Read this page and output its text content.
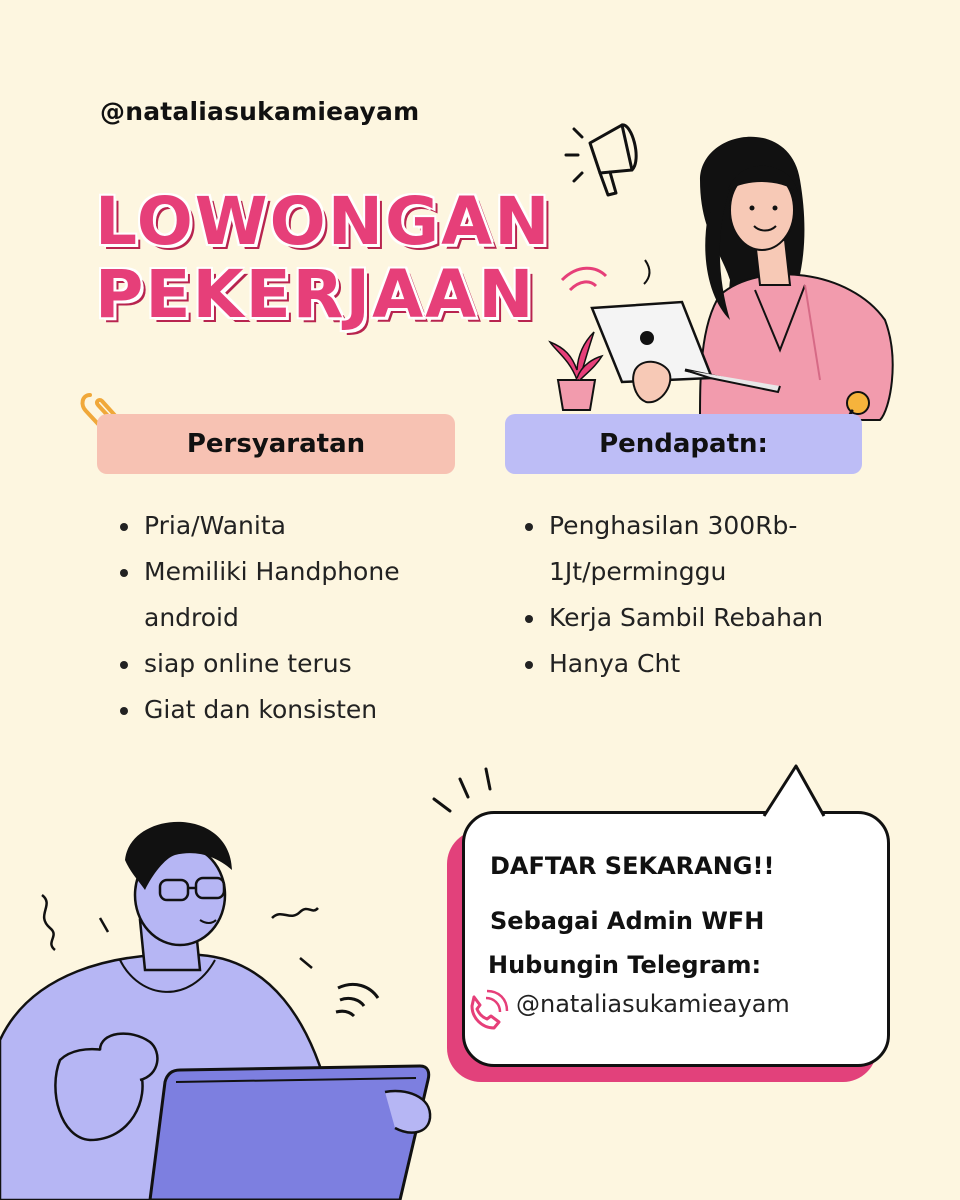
@nataliasukamieayam
LOWONGAN
PEKERJAAN
Persyaratan	Pendapatn:
Pria/Wanita
Memiliki Handphone android
siap online terus
Giat dan konsisten
Penghasilan 300Rb-1Jt/perminggu
Kerja Sambil Rebahan
Hanya Cht
DAFTAR SEKARANG!!
Sebagai Admin WFH
Hubungin Telegram:
@nataliasukamieayam
